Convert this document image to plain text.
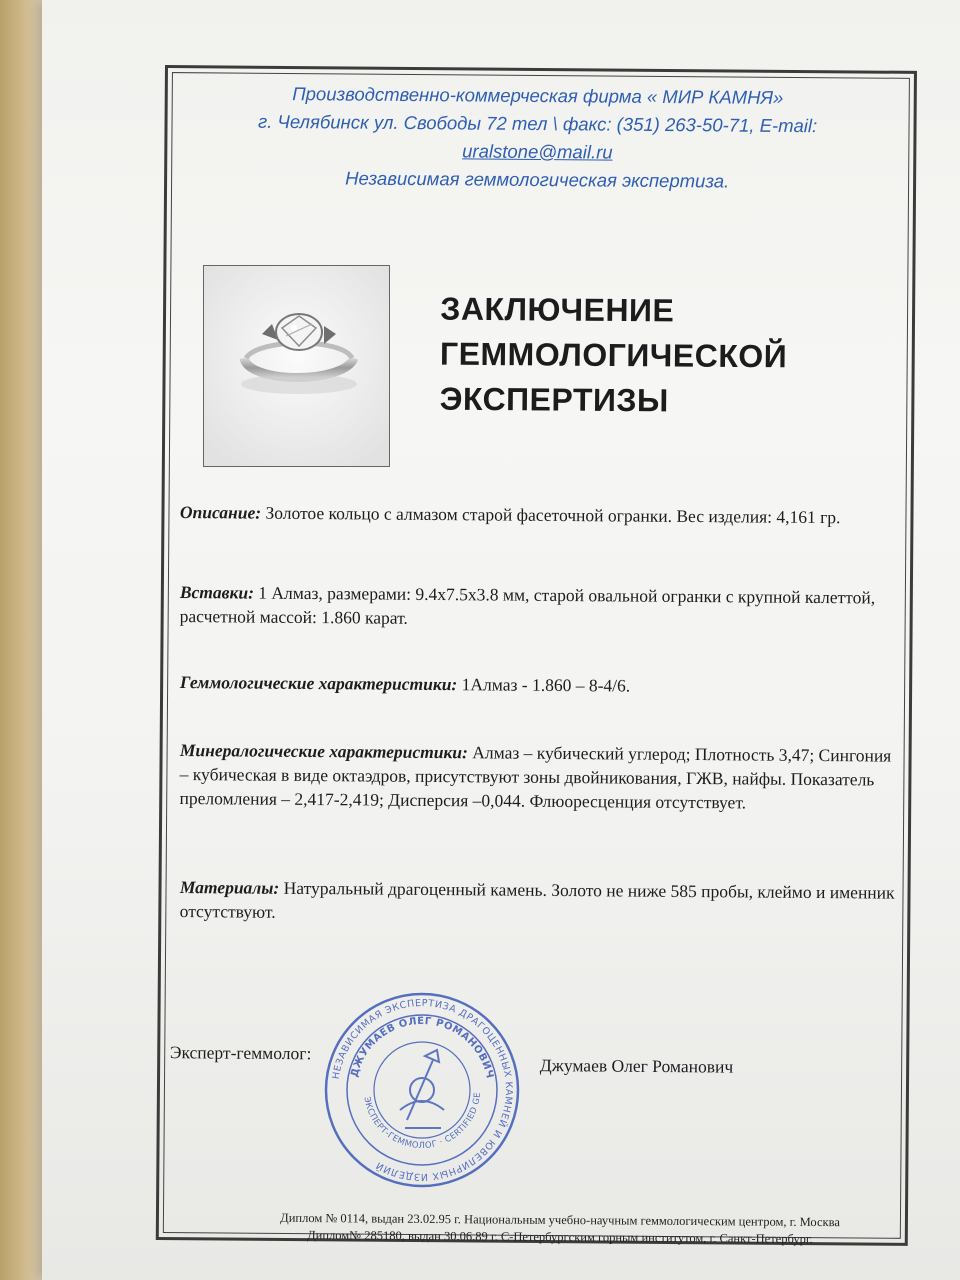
Производственно-коммерческая фирма « МИР КАМНЯ»
г. Челябинск ул. Свободы 72 тел \ факс: (351) 263-50-71, E-mail:
uralstone@mail.ru
Независимая геммологическая экспертиза.
ЗАКЛЮЧЕНИЕ
ГЕММОЛОГИЧЕСКОЙ
ЭКСПЕРТИЗЫ
Описание: Золотое кольцо с алмазом старой фасеточной огранки. Вес изделия: 4,161 гр.
Вставки: 1 Алмаз, размерами: 9.4х7.5х3.8 мм, старой овальной огранки с крупной калеттой, расчетной массой: 1.860 карат.
Геммологические характеристики: 1Алмаз - 1.860 – 8-4/6.
Минералогические характеристики: Алмаз – кубический углерод; Плотность 3,47; Сингония – кубическая в виде октаэдров, присутствуют зоны двойникования, ГЖВ, найфы. Показатель преломления – 2,417-2,419; Дисперсия –0,044. Флюоресценция отсутствует.
Материалы: Натуральный драгоценный камень. Золото не ниже 585 пробы, клеймо и именник отсутствуют.
Эксперт-геммолог:
Джумаев Олег Романович
НЕЗАВИСИМАЯ ЭКСПЕРТИЗА ДРАГОЦЕННЫХ КАМНЕЙ И ЮВЕЛИРНЫХ ИЗДЕЛИЙ
ДЖУМАЕВ ОЛЕГ РОМАНОВИЧ
ЭКСПЕРТ-ГЕММОЛОГ · CERTIFIED GE
Диплом № 0114, выдан 23.02.95 г. Национальным учебно-научным геммологическим центром, г. Москва
Диплом№ 285180, выдан 30.06.89 г. С-Петербургским горным институтом, г. Санкт-Петербург.
